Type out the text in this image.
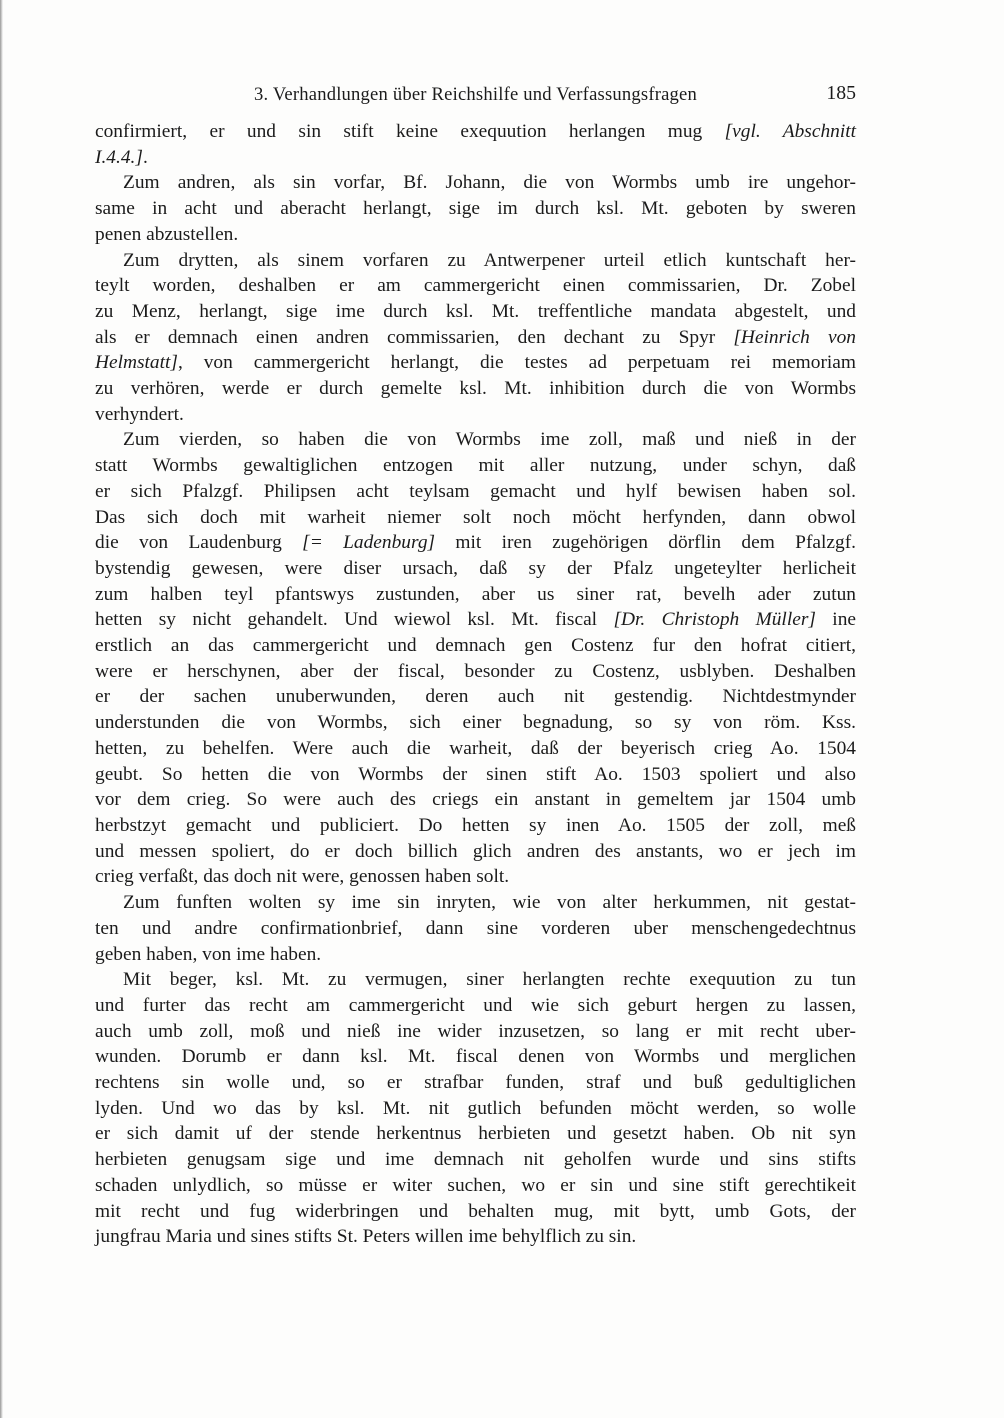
3. Verhandlungen über Reichshilfe und Verfassungsfragen	185
confirmiert, er und sin stift keine exequution herlangen mug [vgl. Abschnitt
I.4.4.].
Zum andren, als sin vorfar, Bf. Johann, die von Wormbs umb ire ungehor-
same in acht und aberacht herlangt, sige im durch ksl. Mt. geboten by sweren
penen abzustellen.
Zum drytten, als sinem vorfaren zu Antwerpener urteil etlich kuntschaft her-
teylt worden, deshalben er am cammergericht einen commissarien, Dr. Zobel
zu Menz, herlangt, sige ime durch ksl. Mt. treffentliche mandata abgestelt, und
als er demnach einen andren commissarien, den dechant zu Spyr [Heinrich von
Helmstatt], von cammergericht herlangt, die testes ad perpetuam rei memoriam
zu verhören, werde er durch gemelte ksl. Mt. inhibition durch die von Wormbs
verhyndert.
Zum vierden, so haben die von Wormbs ime zoll, maß und nieß in der
statt Wormbs gewaltiglichen entzogen mit aller nutzung, under schyn, daß
er sich Pfalzgf. Philipsen acht teylsam gemacht und hylf bewisen haben sol.
Das sich doch mit warheit niemer solt noch möcht herfynden, dann obwol
die von Laudenburg [= Ladenburg] mit iren zugehörigen dörflin dem Pfalzgf.
bystendig gewesen, were diser ursach, daß sy der Pfalz ungeteylter herlicheit
zum halben teyl pfantswys zustunden, aber us siner rat, bevelh ader zutun
hetten sy nicht gehandelt. Und wiewol ksl. Mt. fiscal [Dr. Christoph Müller] ine
erstlich an das cammergericht und demnach gen Costenz fur den hofrat citiert,
were er herschynen, aber der fiscal, besonder zu Costenz, usblyben. Deshalben
er der sachen unuberwunden, deren auch nit gestendig. Nichtdestmynder
understunden die von Wormbs, sich einer begnadung, so sy von röm. Kss.
hetten, zu behelfen. Were auch die warheit, daß der beyerisch crieg Ao. 1504
geubt. So hetten die von Wormbs der sinen stift Ao. 1503 spoliert und also
vor dem crieg. So were auch des criegs ein anstant in gemeltem jar 1504 umb
herbstzyt gemacht und publiciert. Do hetten sy inen Ao. 1505 der zoll, meß
und messen spoliert, do er doch billich glich andren des anstants, wo er jech im
crieg verfaßt, das doch nit were, genossen haben solt.
Zum funften wolten sy ime sin inryten, wie von alter herkummen, nit gestat-
ten und andre confirmationbrief, dann sine vorderen uber menschengedechtnus
geben haben, von ime haben.
Mit beger, ksl. Mt. zu vermugen, siner herlangten rechte exequution zu tun
und furter das recht am cammergericht und wie sich geburt hergen zu lassen,
auch umb zoll, moß und nieß ine wider inzusetzen, so lang er mit recht uber-
wunden. Dorumb er dann ksl. Mt. fiscal denen von Wormbs und merglichen
rechtens sin wolle und, so er strafbar funden, straf und buß gedultiglichen
lyden. Und wo das by ksl. Mt. nit gutlich befunden möcht werden, so wolle
er sich damit uf der stende herkentnus herbieten und gesetzt haben. Ob nit syn
herbieten genugsam sige und ime demnach nit geholfen wurde und sins stifts
schaden unlydlich, so müsse er witer suchen, wo er sin und sine stift gerechtikeit
mit recht und fug widerbringen und behalten mug, mit bytt, umb Gots, der
jungfrau Maria und sines stifts St. Peters willen ime behylflich zu sin.
